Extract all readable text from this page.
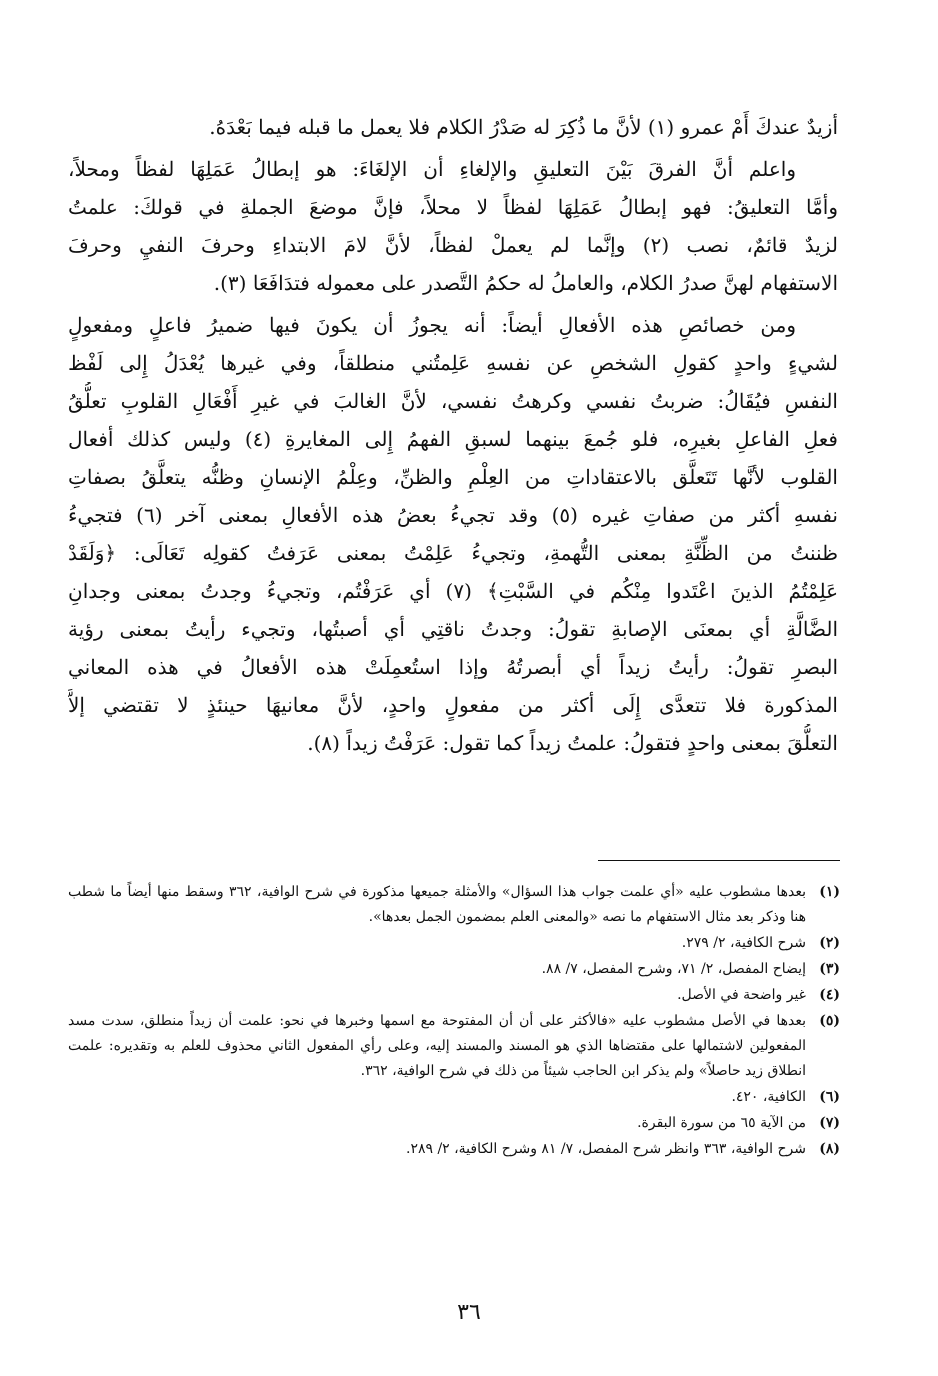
أزيدٌ عندكَ أَمْ عمرو (١) لأنَّ ما ذُكِرَ له صَدْرُ الكلام فلا يعمل ما قبله فيما بَعْدَهُ.
واعلم أنَّ الفرقَ بَيْنَ التعليقِ والإلغاءِ أن الإلغَاءَ: هو إبطالُ عَمَلِهَا لفظاً ومحلاً،
وأمَّا التعليقُ: فهو إبطالُ عَمَلِهَا لفظاً لا محلاً، فإنَّ موضعَ الجملةِ في قولكَ: علمتُ
لزيدٌ قائمٌ، نصب (٢) وإنَّما لم يعملْ لفظاً، لأنَّ لامَ الابتداءِ وحرفَ النفيِ وحرفَ
الاستفهام لهنَّ صدرُ الكلام، والعاملُ له حكمُ التَّصدر على معموله فتدَافَعَا (٣).
ومن خصائصِ هذه الأفعالِ أيضاً: أنه يجوزُ أن يكونَ فيها ضميرُ فاعلٍ ومفعولٍ
لشيءٍ واحدٍ كقولِ الشخصِ عن نفسهِ عَلِمتُني منطلقاً، وفي غيرها يُعْدَلُ إِلى لَفْظ
النفسِ فيُقَالُ: ضربتُ نفسي وكرهتُ نفسي، لأنَّ الغالبَ في غيرِ أَفْعَالِ القلوبِ تعلُّقُ
فعلِ الفاعلِ بغيرِه، فلو جُمعَ بينهما لسبقِ الفهمُ إِلى المغايرةِ (٤) وليس كذلك أفعال
القلوب لأنَّها تَتَعلَّق بالاعتقاداتِ من العِلْمِ والظنِّ، وعِلْمُ الإنسانِ وظنُّه يتعلَّقُ بصفاتِ
نفسهِ أكثر من صفاتِ غيره (٥) وقد تجيءُ بعضُ هذه الأفعالِ بمعنى آخر (٦) فتجيءُ
ظننتُ من الظِّنَّةِ بمعنى التُّهمةِ، وتجيءُ عَلِمْتُ بمعنى عَرَفتُ كقولِه تَعَالَى: ﴿وَلَقَدْ
عَلِمْتُمُ الذينَ اعْتَدوا مِنْكُم في السَّبْتِ﴾ (٧) أي عَرَفْتُم، وتجيءُ وجدتُ بمعنى وجدانِ
الضَّالَّةِ أي بمعنَى الإصابةِ تقولُ: وجدتُ ناقتِي أي أصبتُها، وتجيء رأيتُ بمعنى رؤية
البصرِ تقولُ: رأيتُ زيداً أي أبصرتُهُ وإذا استُعمِلَتْ هذه الأفعالُ في هذه المعاني
المذكورة فلا تتعدَّى إِلَى أكثر من مفعولٍ واحدٍ، لأنَّ معانيهَا حينئذٍ لا تقتضي إلاَّ
التعلُّقَ بمعنى واحدٍ فتقولُ: علمتُ زيداً كما تقول: عَرَفْتُ زيداً (٨).
(١)
بعدها مشطوب عليه «أي علمت جواب هذا السؤال» والأمثلة جميعها مذكورة في شرح الوافية، ٣٦٢ وسقط منها أيضاً ما شطب هنا وذكر بعد مثال الاستفهام ما نصه «والمعنى العلم بمضمون الجمل بعدها».
(٢)
شرح الكافية، ٢/ ٢٧٩.
(٣)
إيضاح المفصل، ٢/ ٧١، وشرح المفصل، ٧/ ٨٨.
(٤)
غير واضحة في الأصل.
(٥)
بعدها في الأصل مشطوب عليه «فالأكثر على أن أن المفتوحة مع اسمها وخبرها في نحو: علمت أن زيداً منطلق، سدت مسد المفعولين لاشتمالها على مقتضاها الذي هو المسند والمسند إليه، وعلى رأي المفعول الثاني محذوف للعلم به وتقديره: علمت انطلاق زيد حاصلاً» ولم يذكر ابن الحاجب شيئاً من ذلك في شرح الوافية، ٣٦٢.
(٦)
الكافية، ٤٢٠.
(٧)
من الآية ٦٥ من سورة البقرة.
(٨)
شرح الوافية، ٣٦٣ وانظر شرح المفصل، ٧/ ٨١ وشرح الكافية، ٢/ ٢٨٩.
٣٦
